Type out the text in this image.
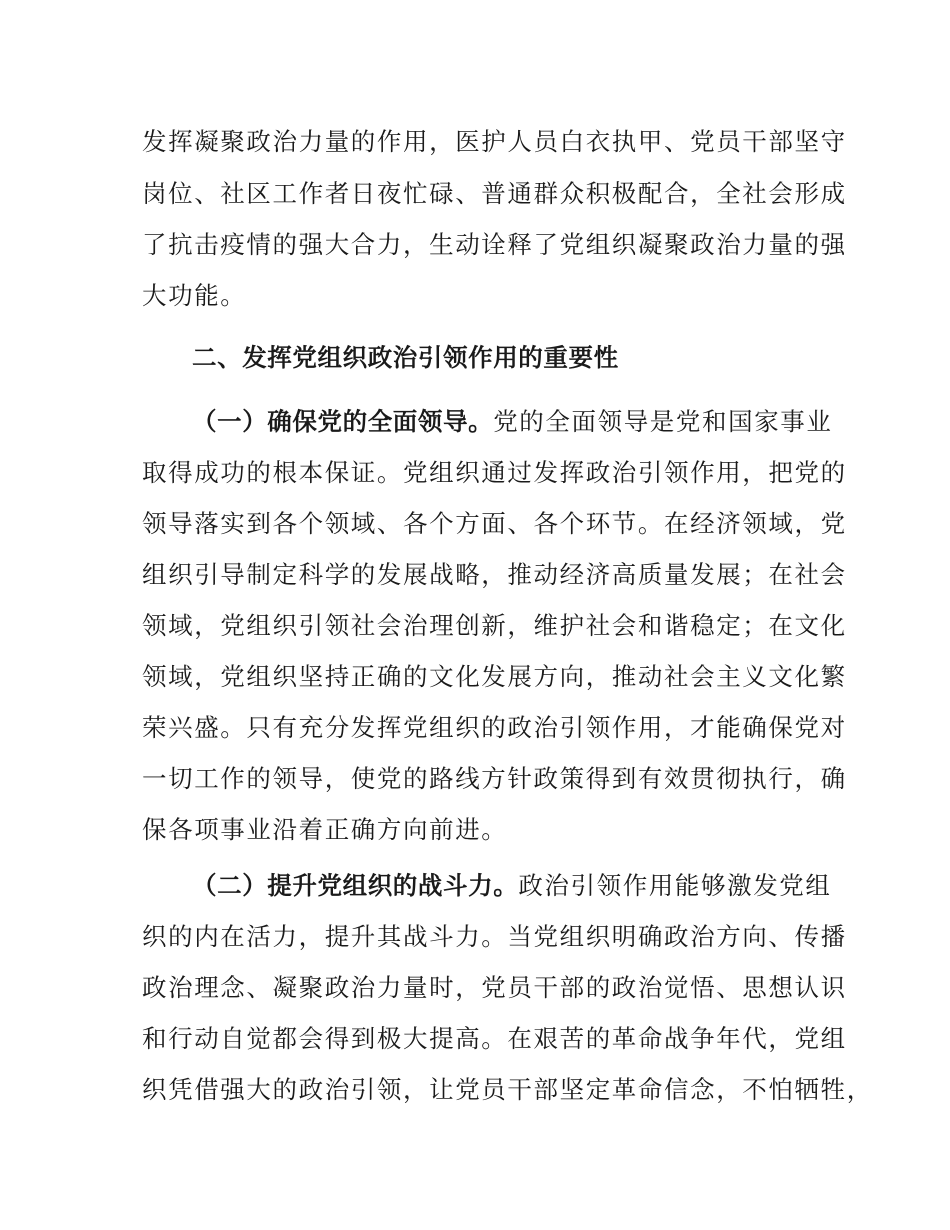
发挥凝聚政治力量的作用，医护人员白衣执甲、党员干部坚守
岗位、社区工作者日夜忙碌、普通群众积极配合，全社会形成
了抗击疫情的强大合力，生动诠释了党组织凝聚政治力量的强
大功能。
二、发挥党组织政治引领作用的重要性
（一）确保党的全面领导。党的全面领导是党和国家事业
取得成功的根本保证。党组织通过发挥政治引领作用，把党的
领导落实到各个领域、各个方面、各个环节。在经济领域，党
组织引导制定科学的发展战略，推动经济高质量发展；在社会
领域，党组织引领社会治理创新，维护社会和谐稳定；在文化
领域，党组织坚持正确的文化发展方向，推动社会主义文化繁
荣兴盛。只有充分发挥党组织的政治引领作用，才能确保党对
一切工作的领导，使党的路线方针政策得到有效贯彻执行，确
保各项事业沿着正确方向前进。
（二）提升党组织的战斗力。政治引领作用能够激发党组
织的内在活力，提升其战斗力。当党组织明确政治方向、传播
政治理念、凝聚政治力量时，党员干部的政治觉悟、思想认识
和行动自觉都会得到极大提高。在艰苦的革命战争年代，党组
织凭借强大的政治引领，让党员干部坚定革命信念，不怕牺牲，
